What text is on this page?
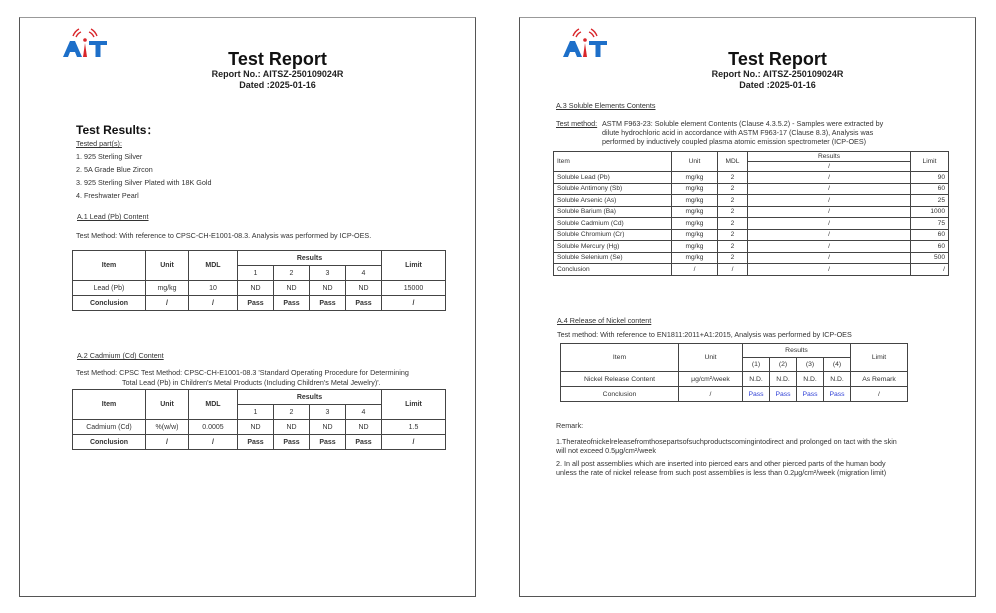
Test Report
Report No.: AITSZ-250109024R
Dated :2025-01-16
Test Results：
Tested part(s):
1. 925 Sterling Silver
2. 5A Grade Blue Zircon
3. 925 Sterling Silver Plated with 18K Gold
4. Freshwater Pearl
A.1 Lead (Pb) Content
Test Method: With reference to CPSC-CH-E1001-08.3. Analysis was performed by ICP-OES.
Item	Unit	MDL	Results				Limit
			1	2	3	4	
Lead (Pb)	mg/kg	10	ND	ND	ND	ND	15000
Conclusion	/	/	Pass	Pass	Pass	Pass	/
A.2 Cadmium (Cd) Content
Test Method: CPSC Test Method: CPSC-CH-E1001-08.3 'Standard Operating Procedure for Determining
Total Lead (Pb) in Children's Metal Products (Including Children's Metal Jewelry)'.
Item	Unit	MDL	Results				Limit
			1	2	3	4	
Cadmium (Cd)	%(w/w)	0.0005	ND	ND	ND	ND	1.5
Conclusion	/	/	Pass	Pass	Pass	Pass	/
Test Report
Report No.: AITSZ-250109024R
Dated :2025-01-16
A.3 Soluble Elements Contents
Test method: ASTM F963-23: Soluble element Contents (Clause 4.3.5.2) - Samples were extracted by
dilute hydrochloric acid in accordance with ASTM F963-17 (Clause 8.3), Analysis was
performed by inductively coupled plasma atomic emission spectrometer (ICP-OES)
Item	Unit	MDL	Results	Limit
			/	
Soluble Lead (Pb)	mg/kg	2	/	90
Soluble Antimony (Sb)	mg/kg	2	/	60
Soluble Arsenic (As)	mg/kg	2	/	25
Soluble Barium (Ba)	mg/kg	2	/	1000
Soluble Cadmium (Cd)	mg/kg	2	/	75
Soluble Chromium (Cr)	mg/kg	2	/	60
Soluble Mercury (Hg)	mg/kg	2	/	60
Soluble Selenium (Se)	mg/kg	2	/	500
Conclusion	/	/	/	/
A.4 Release of Nickel content
Test method: With reference to EN1811:2011+A1:2015, Analysis was performed by ICP-OES
Item	Unit	Results				Limit
		(1)	(2)	(3)	(4)	
Nickel Release Content	μg/cm²/week	N.D.	N.D.	N.D.	N.D.	As Remark
Conclusion	/	Pass	Pass	Pass	Pass	/
Remark:
1.Therateofnickelreleasefromthosepartsofsuchproductscomingintodirect and prolonged on tact with the skin
will not exceed 0.5μg/cm²/week
2. In all post assemblies which are inserted into pierced ears and other pierced parts of the human body
unless the rate of nickel release from such post assemblies is less than 0.2μg/cm²/week (migration limit)
